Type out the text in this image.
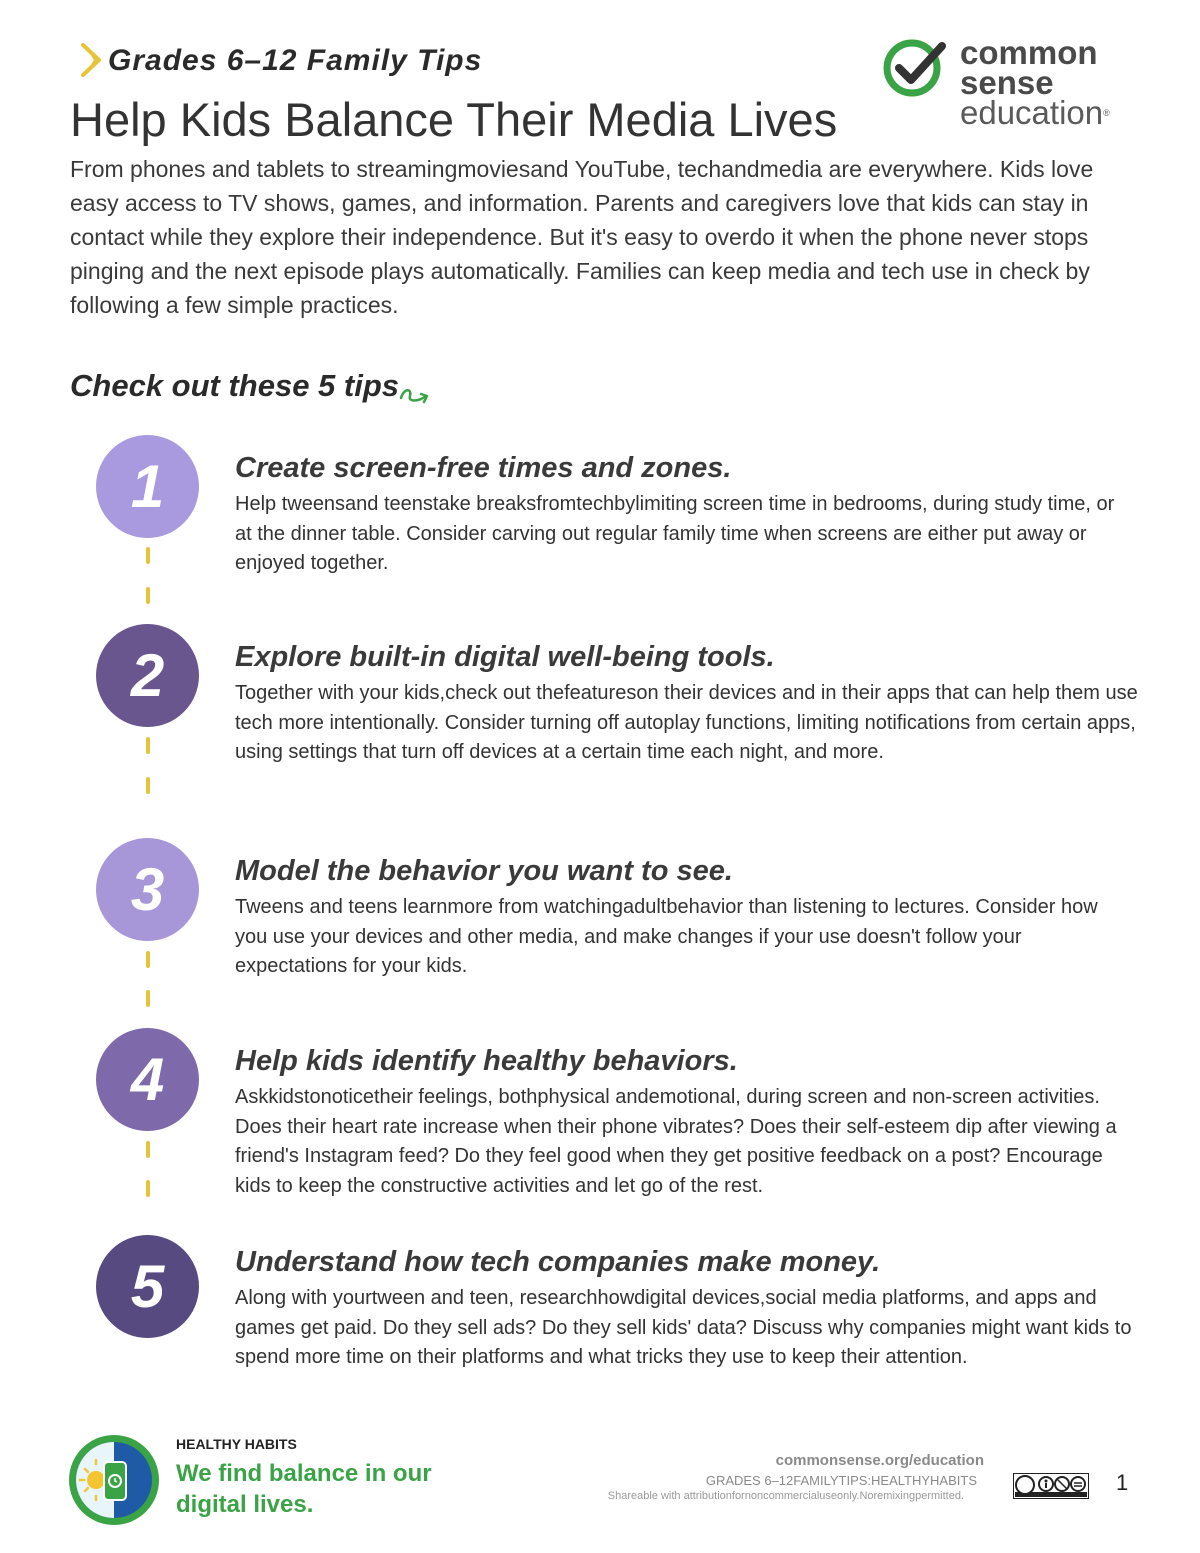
Grades 6–12 Family Tips
Help Kids Balance Their Media Lives
common
sense
education®
From phones and tablets to streamingmoviesand YouTube, techandmedia are everywhere. Kids love easy access to TV shows, games, and information. Parents and caregivers love that kids can stay in contact while they explore their independence. But it's easy to overdo it when the phone never stops pinging and the next episode plays automatically. Families can keep media and tech use in check by following a few simple practices.
Check out these 5 tips
1 Create screen-free times and zones.
Help tweensand teenstake breaksfromtechbylimiting screen time in bedrooms, during study time, or at the dinner table. Consider carving out regular family time when screens are either put away or enjoyed together.
2 Explore built-in digital well-being tools.
Together with your kids,check out thefeatureson their devices and in their apps that can help them use tech more intentionally. Consider turning off autoplay functions, limiting notifications from certain apps, using settings that turn off devices at a certain time each night, and more.
3 Model the behavior you want to see.
Tweens and teens learnmore from watchingadultbehavior than listening to lectures. Consider how you use your devices and other media, and make changes if your use doesn't follow your expectations for your kids.
4 Help kids identify healthy behaviors.
Askkidstonoticetheir feelings, bothphysical andemotional, during screen and non-screen activities. Does their heart rate increase when their phone vibrates? Does their self-esteem dip after viewing a friend's Instagram feed? Do they feel good when they get positive feedback on a post? Encourage kids to keep the constructive activities and let go of the rest.
5 Understand how tech companies make money.
Along with yourtween and teen, researchhowdigital devices,social media platforms, and apps and games get paid. Do they sell ads? Do they sell kids' data? Discuss why companies might want kids to spend more time on their platforms and what tricks they use to keep their attention.
HEALTHY HABITS
We find balance in our digital lives.
commonsense.org/education
GRADES 6–12FAMILYTIPS:HEALTHYHABITS
Shareable with attributionfornoncommercialuseonly.Noremixingpermitted.
1
